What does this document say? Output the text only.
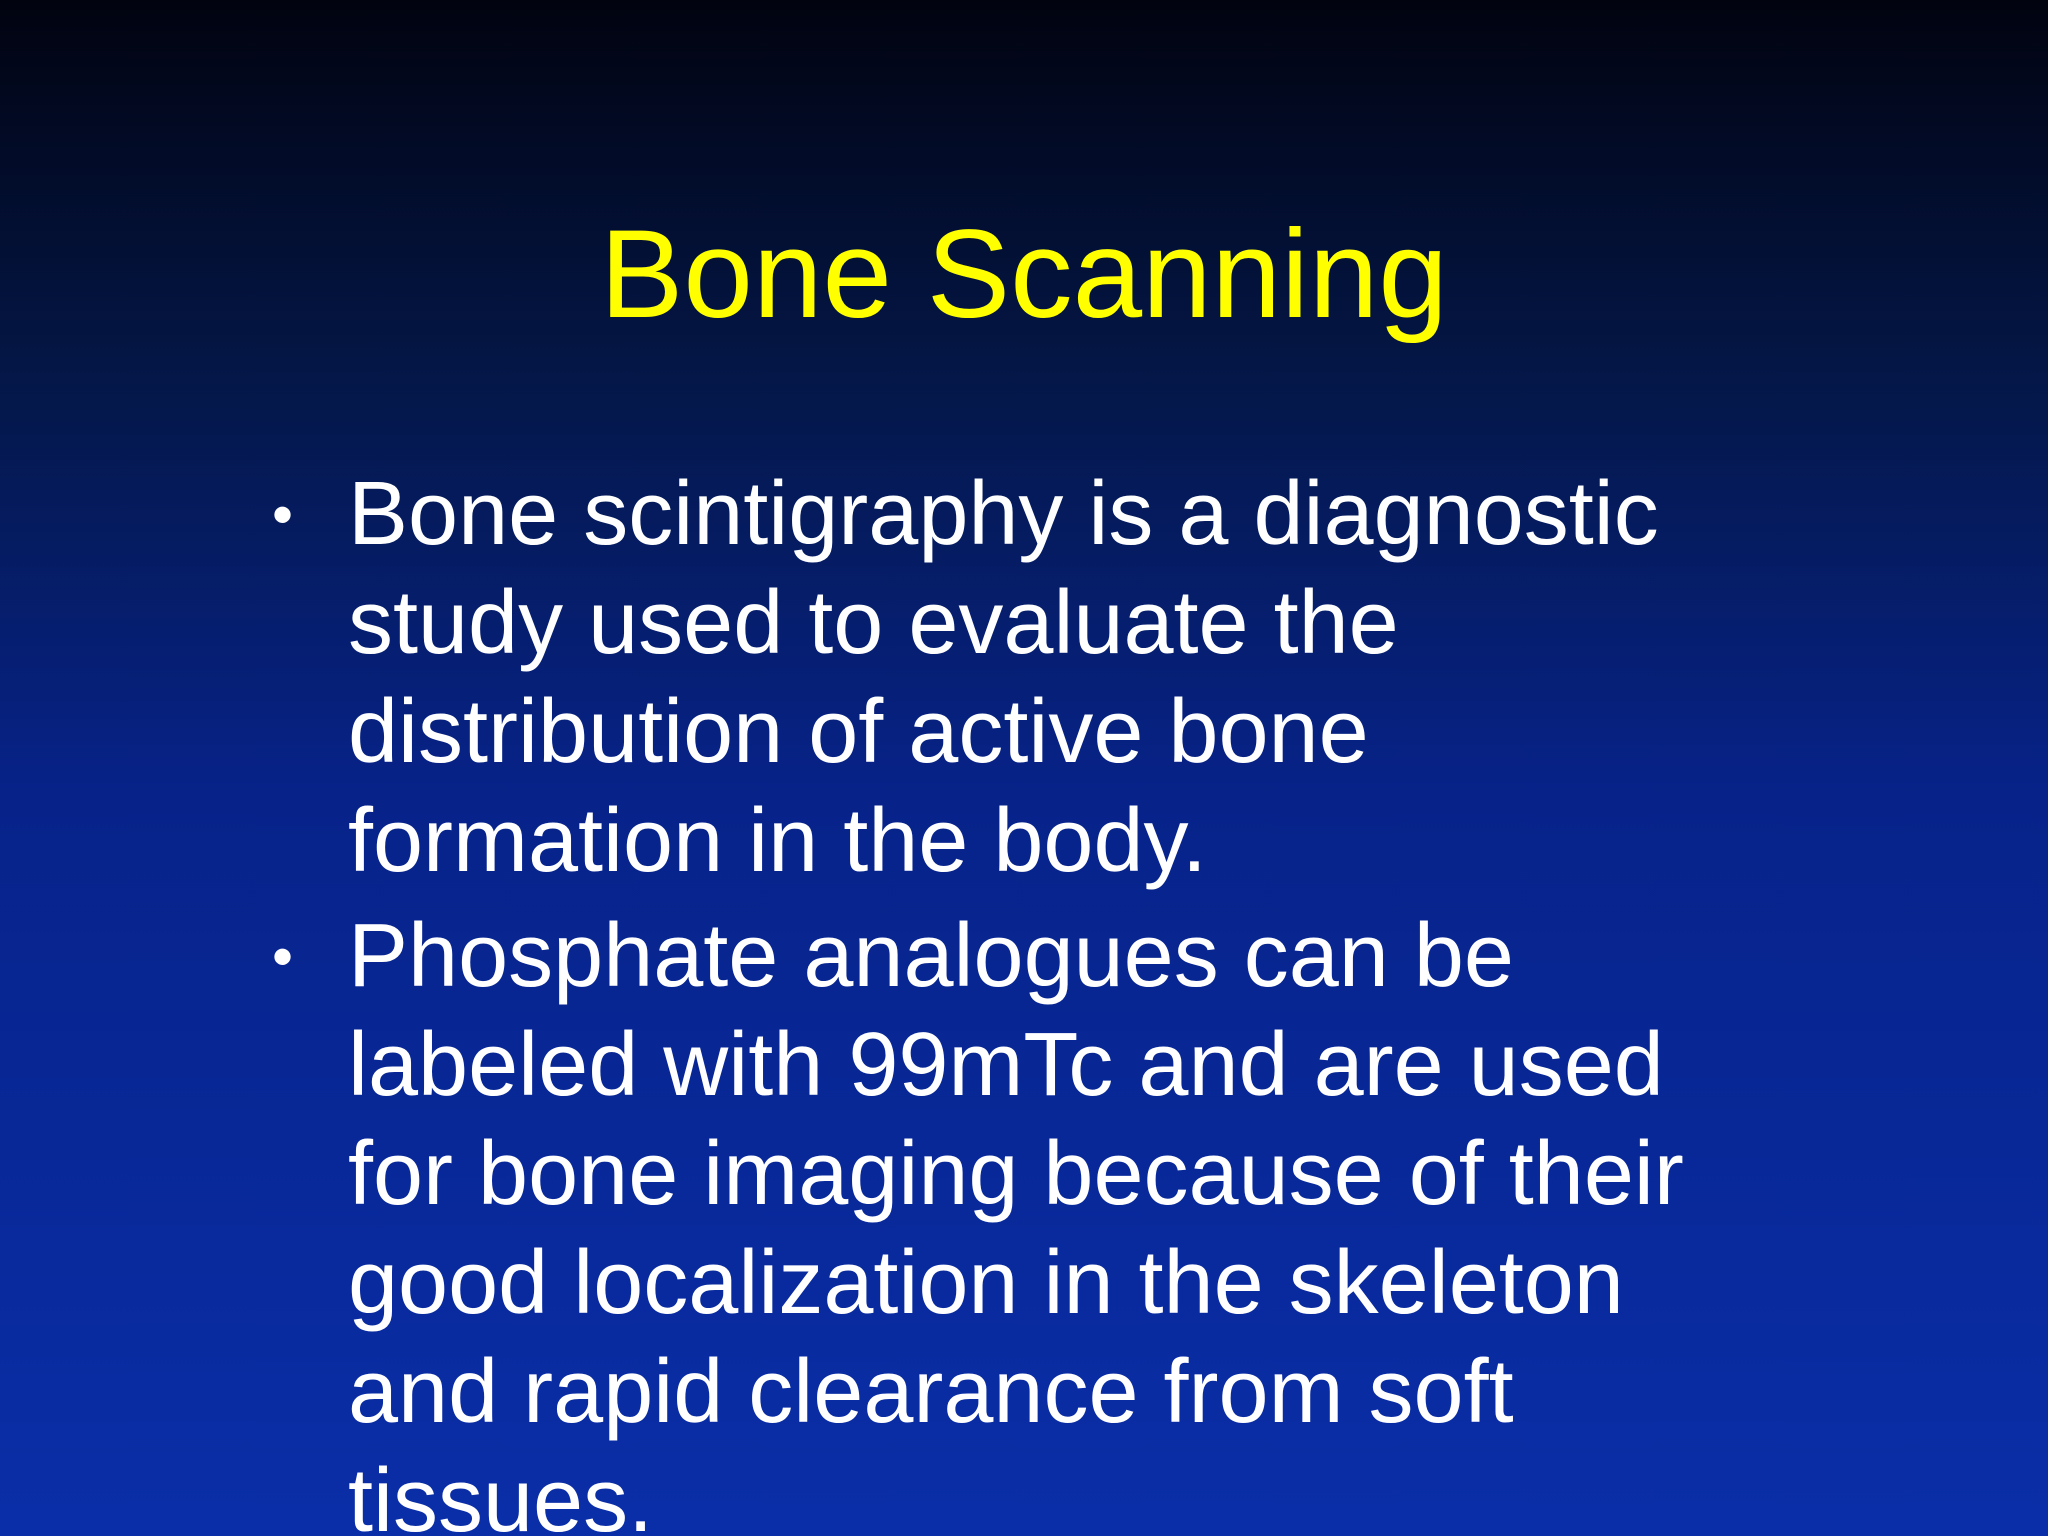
Bone Scanning
• Bone scintigraphy is a diagnostic
study used to evaluate the
distribution of active bone
formation in the body.
• Phosphate analogues can be
labeled with 99mTc and are used
for bone imaging because of their
good localization in the skeleton
and rapid clearance from soft
tissues.
